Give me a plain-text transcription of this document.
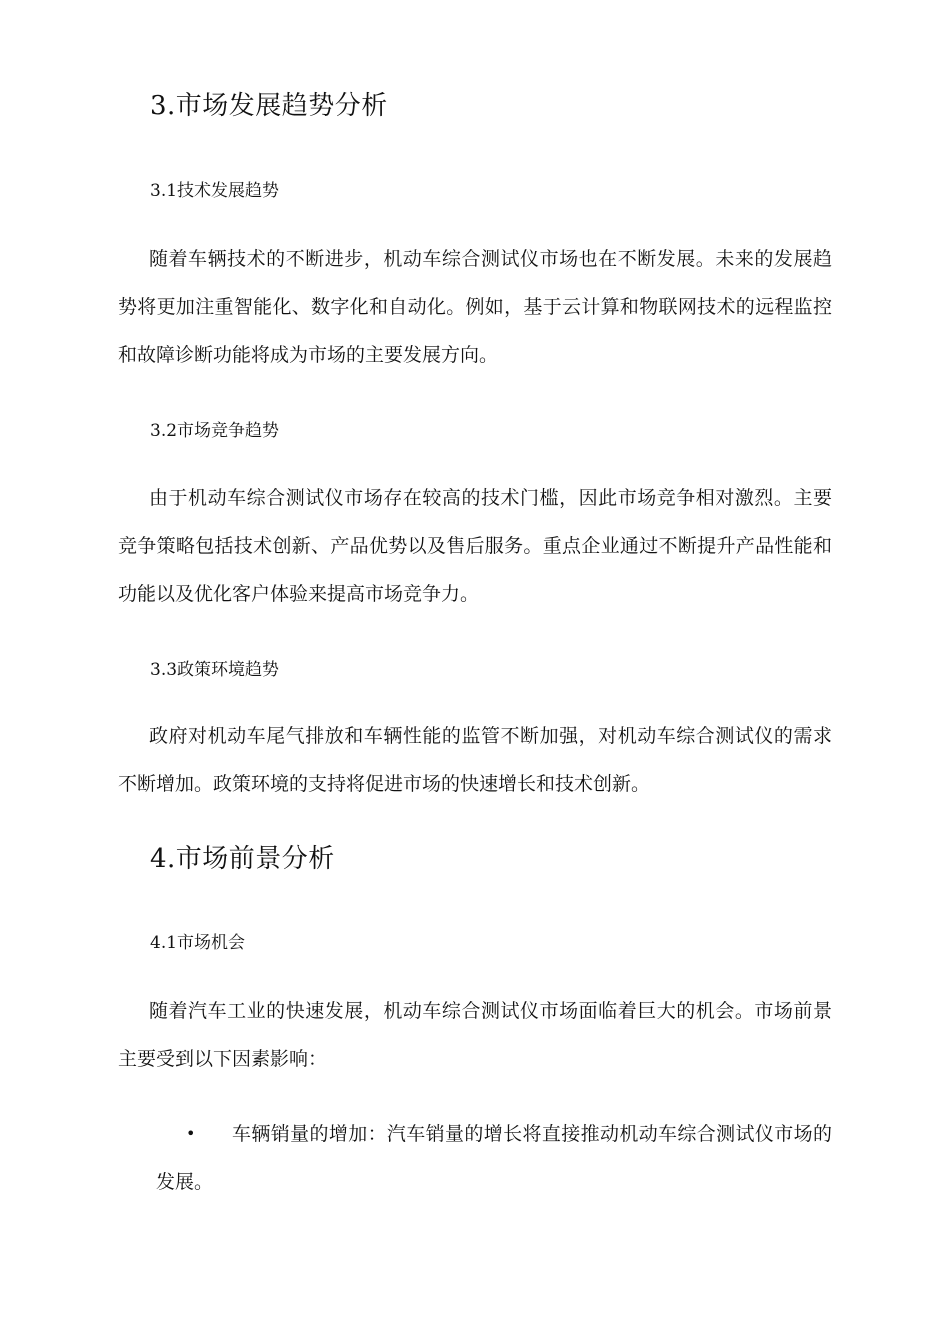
3.市场发展趋势分析
3.1技术发展趋势

随着车辆技术的不断进步，机动车综合测试仪市场也在不断发展。未来的发展趋势将更加注重智能化、数字化和自动化。例如，基于云计算和物联网技术的远程监控和故障诊断功能将成为市场的主要发展方向。

3.2市场竞争趋势

由于机动车综合测试仪市场存在较高的技术门槛，因此市场竞争相对激烈。主要竞争策略包括技术创新、产品优势以及售后服务。重点企业通过不断提升产品性能和功能以及优化客户体验来提高市场竞争力。

3.3政策环境趋势

政府对机动车尾气排放和车辆性能的监管不断加强，对机动车综合测试仪的需求不断增加。政策环境的支持将促进市场的快速增长和技术创新。

4.市场前景分析
4.1市场机会

随着汽车工业的快速发展，机动车综合测试仪市场面临着巨大的机会。市场前景主要受到以下因素影响：

•	车辆销量的增加：汽车销量的增长将直接推动机动车综合测试仪市场的发展。
